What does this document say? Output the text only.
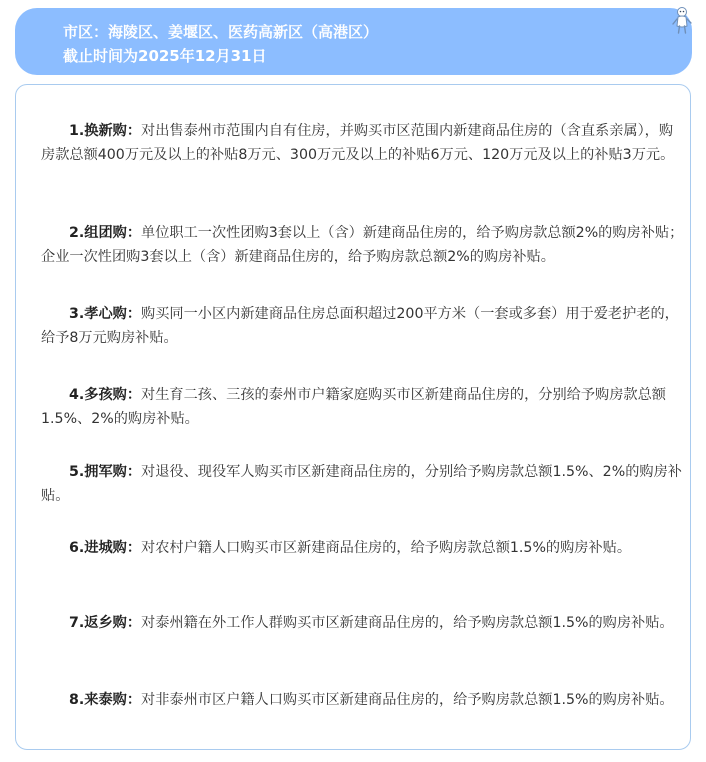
市区：海陵区、姜堰区、医药高新区（高港区）
截止时间为2025年12月31日

1.换新购：对出售泰州市范围内自有住房，并购买市区范围内新建商品住房的（含直系亲属），购房款总额400万元及以上的补贴8万元、300万元及以上的补贴6万元、120万元及以上的补贴3万元。

2.组团购：单位职工一次性团购3套以上（含）新建商品住房的，给予购房款总额2%的购房补贴；企业一次性团购3套以上（含）新建商品住房的，给予购房款总额2%的购房补贴。

3.孝心购：购买同一小区内新建商品住房总面积超过200平方米（一套或多套）用于爱老护老的，给予8万元购房补贴。

4.多孩购：对生育二孩、三孩的泰州市户籍家庭购买市区新建商品住房的，分别给予购房款总额1.5%、2%的购房补贴。

5.拥军购：对退役、现役军人购买市区新建商品住房的，分别给予购房款总额1.5%、2%的购房补贴。

6.进城购：对农村户籍人口购买市区新建商品住房的，给予购房款总额1.5%的购房补贴。

7.返乡购：对泰州籍在外工作人群购买市区新建商品住房的，给予购房款总额1.5%的购房补贴。

8.来泰购：对非泰州市区户籍人口购买市区新建商品住房的，给予购房款总额1.5%的购房补贴。
